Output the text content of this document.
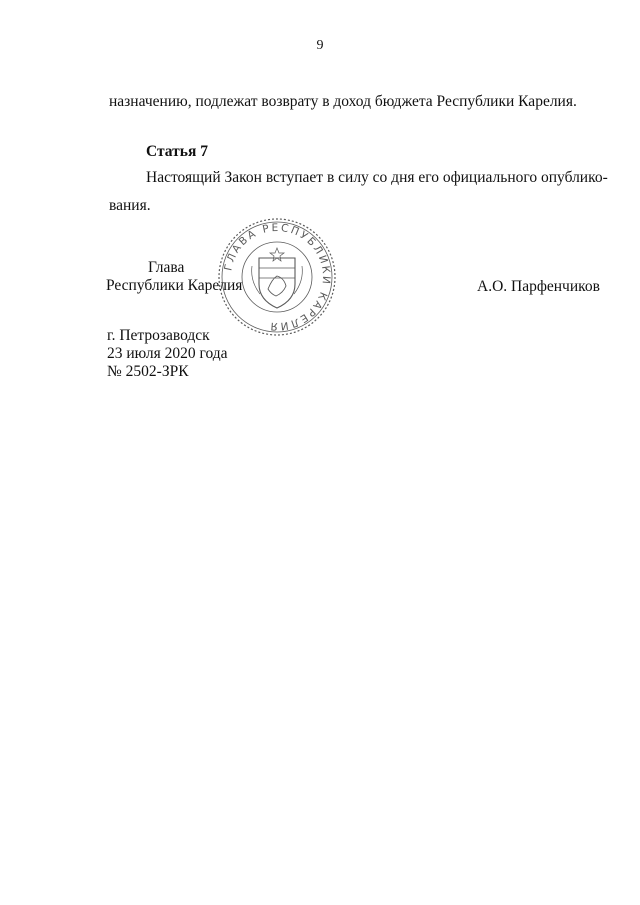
9
назначению, подлежат возврату в доход бюджета Республики Карелия.
Статья 7
Настоящий Закон вступает в силу со дня его официального опублико-
вания.
ГЛАВА РЕСПУБЛИКИ КАРЕЛИЯ
Глава
Республики Карелия	А.О. Парфенчиков
г. Петрозаводск
23 июля 2020 года
№ 2502-ЗРК
